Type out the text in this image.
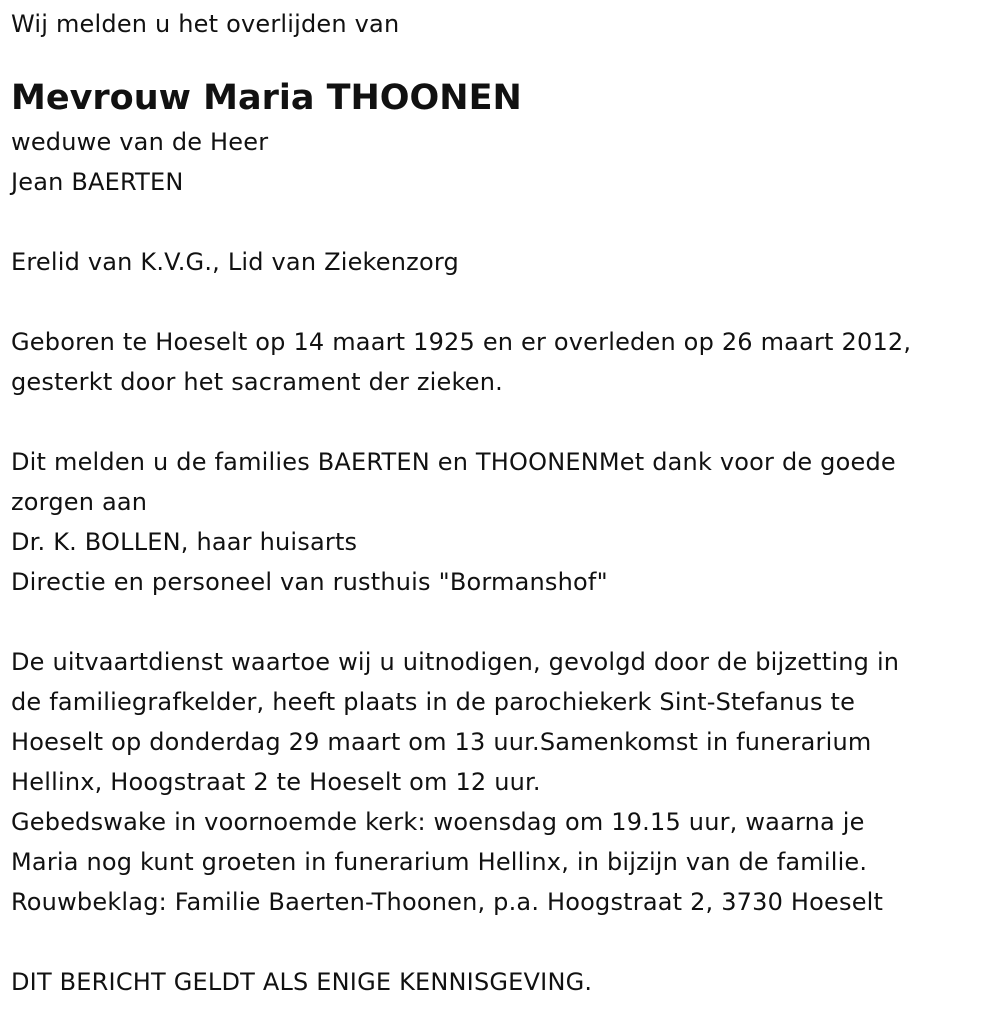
Wij melden u het overlijden van
Mevrouw Maria THOONEN
weduwe van de Heer
Jean BAERTEN
Erelid van K.V.G., Lid van Ziekenzorg
Geboren te Hoeselt op 14 maart 1925 en er overleden op 26 maart 2012,
gesterkt door het sacrament der zieken.
Dit melden u de families BAERTEN en THOONENMet dank voor de goede
zorgen aan
Dr. K. BOLLEN, haar huisarts
Directie en personeel van rusthuis "Bormanshof"
De uitvaartdienst waartoe wij u uitnodigen, gevolgd door de bijzetting in
de familiegrafkelder, heeft plaats in de parochiekerk Sint-Stefanus te
Hoeselt op donderdag 29 maart om 13 uur.Samenkomst in funerarium
Hellinx, Hoogstraat 2 te Hoeselt om 12 uur.
Gebedswake in voornoemde kerk: woensdag om 19.15 uur, waarna je
Maria nog kunt groeten in funerarium Hellinx, in bijzijn van de familie.
Rouwbeklag: Familie Baerten-Thoonen, p.a. Hoogstraat 2, 3730 Hoeselt
DIT BERICHT GELDT ALS ENIGE KENNISGEVING.
